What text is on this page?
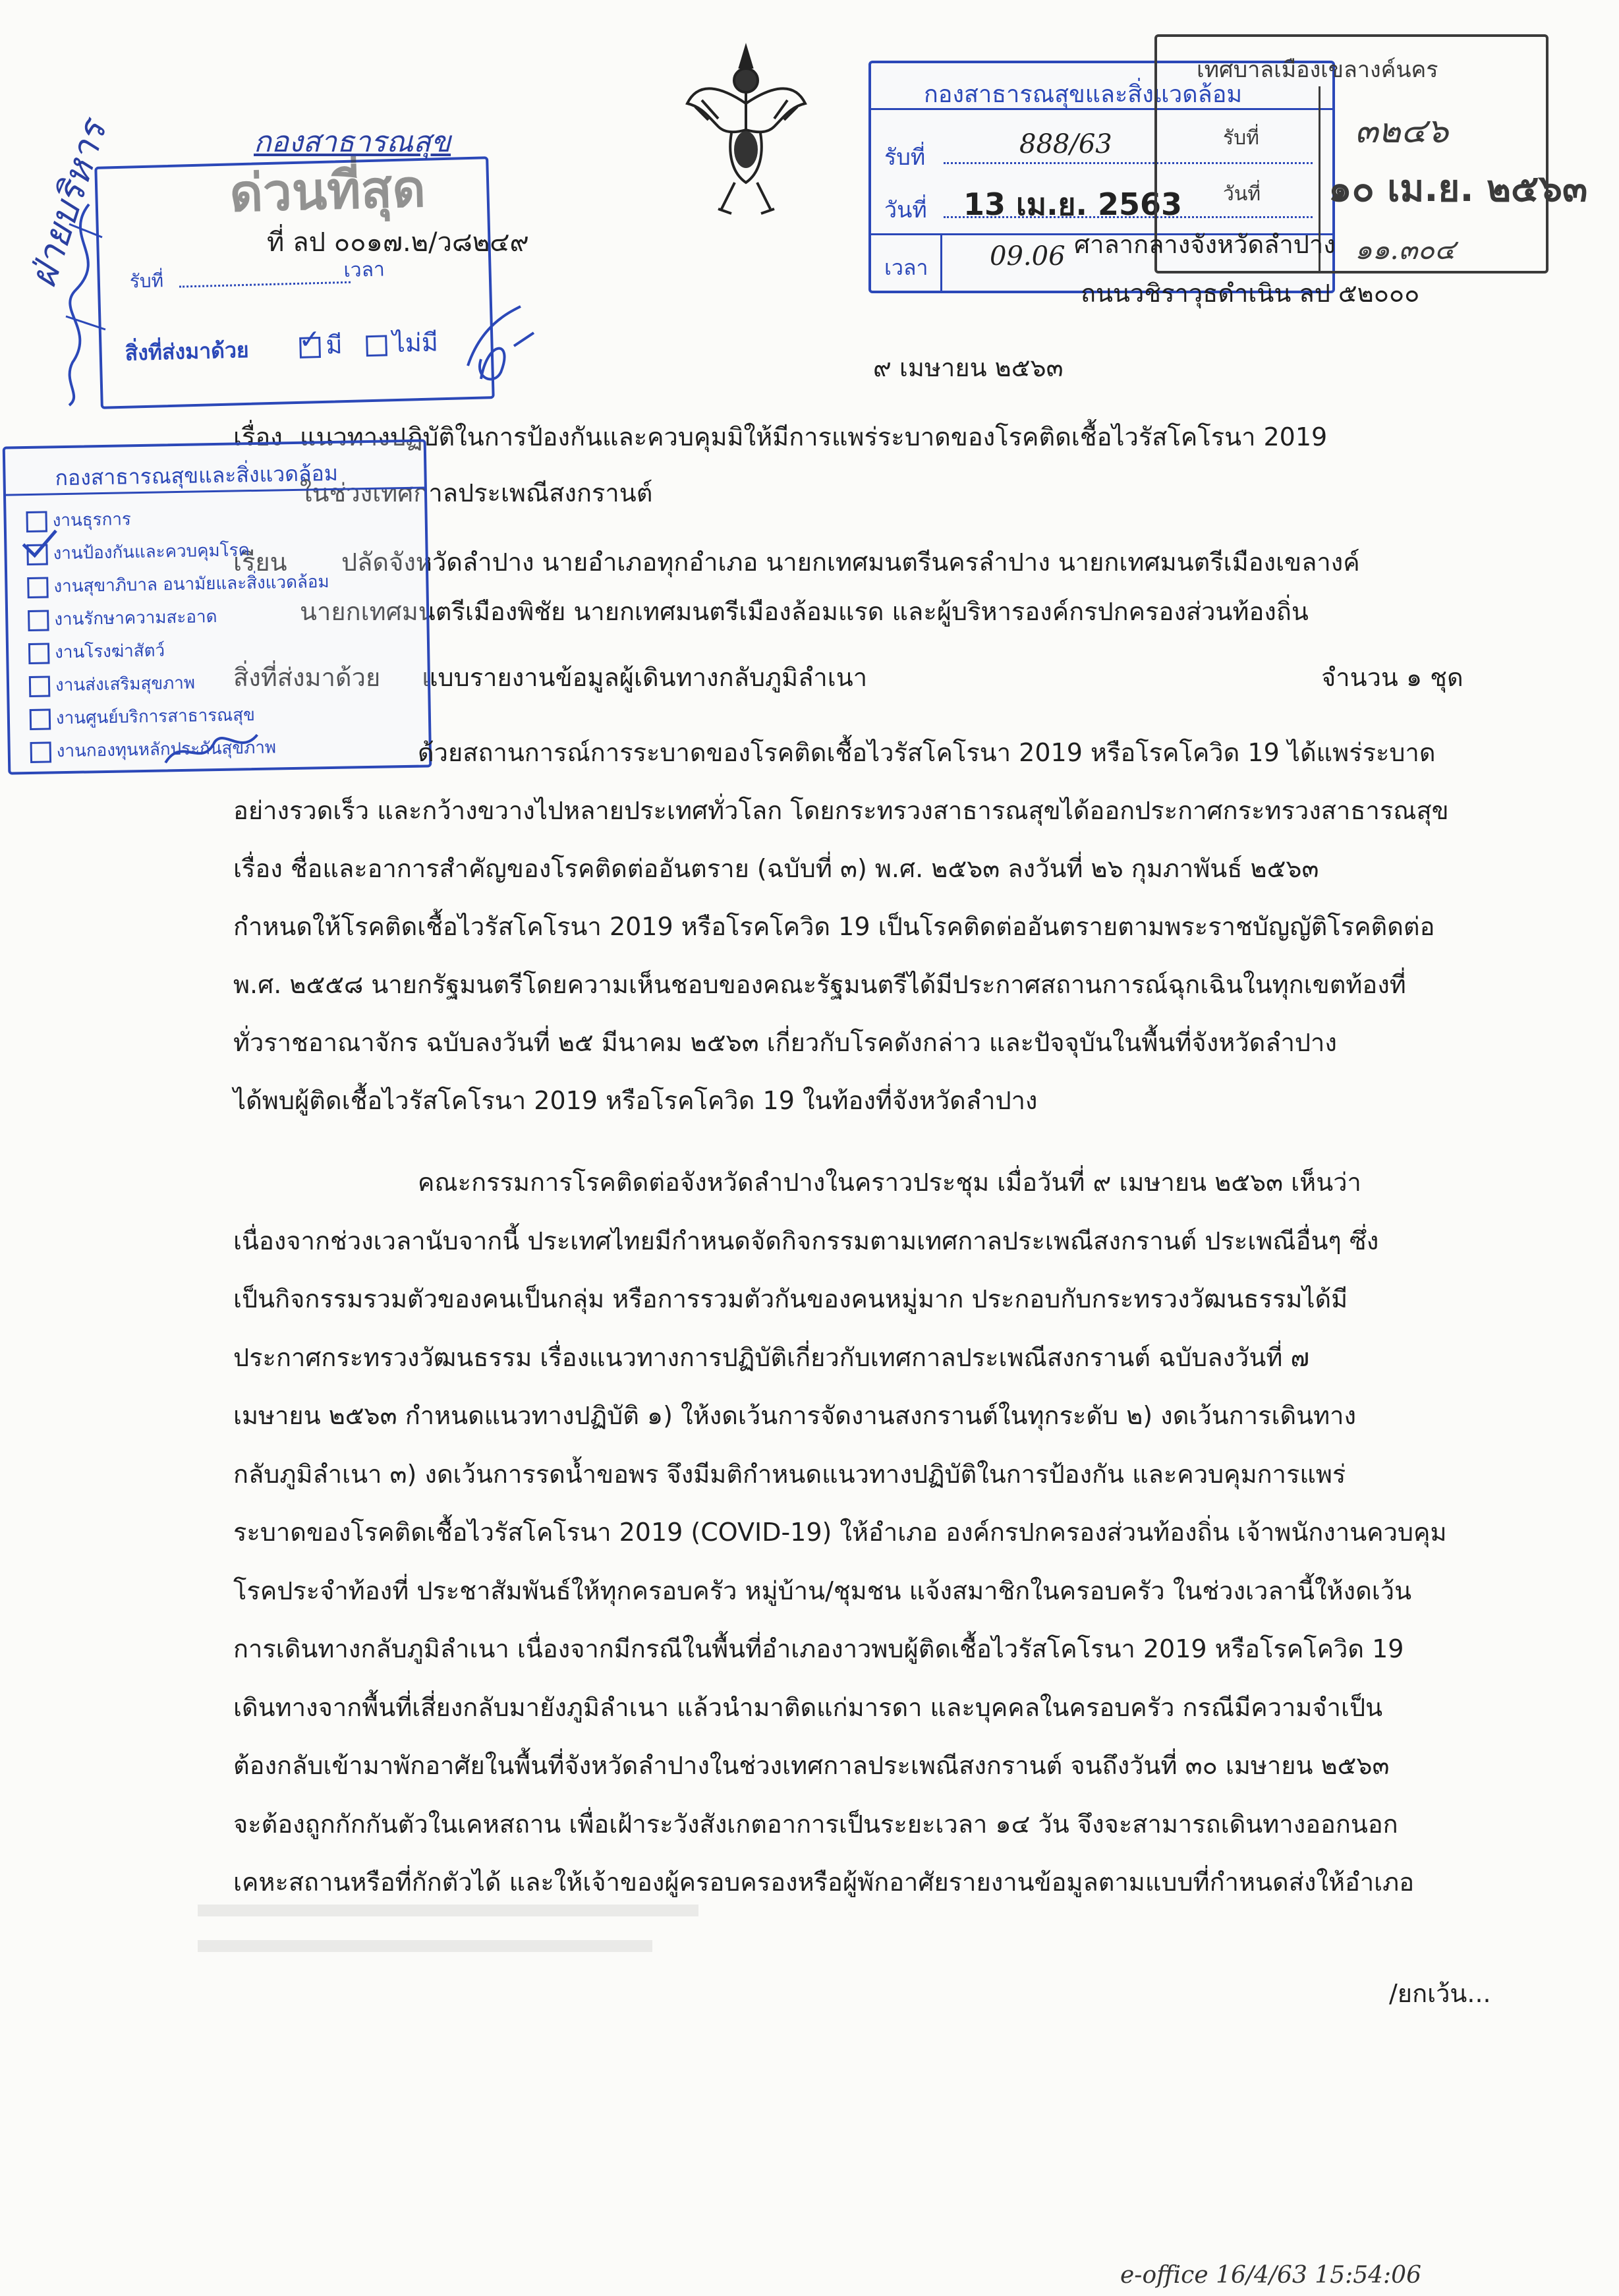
ด่วนที่สุด
รับที่	เวลา
สิ่งที่ส่งมาด้วย ✓ มี ไม่มี
กองสาธารณสุข
ที่ ลป ๐๐๑๗.๒/ว๘๒๔๙
ฝ่ายบริหาร
กองสาธารณสุขและสิ่งแวดล้อม
รับที่	888/63
วันที่ 13 เม.ย. 2563
เวลา 09.06
เทศบาลเมืองเขลางค์นคร
รับที่	๓๒๔๖
วันที่ ๑๐ เม.ย. ๒๕๖๓
๑๑.๓๐๔
ศาลากลางจังหวัดลำปาง
ถนนวชิราวุธดำเนิน ลป ๕๒๐๐๐
๙ เมษายน ๒๕๖๓
เรื่อง แนวทางปฏิบัติในการป้องกันและควบคุมมิให้มีการแพร่ระบาดของโรคติดเชื้อไวรัสโคโรนา 2019
ในช่วงเทศกาลประเพณีสงกรานต์
เรียน ปลัดจังหวัดลำปาง นายอำเภอทุกอำเภอ นายกเทศมนตรีนครลำปาง นายกเทศมนตรีเมืองเขลางค์
นายกเทศมนตรีเมืองพิชัย นายกเทศมนตรีเมืองล้อมแรด และผู้บริหารองค์กรปกครองส่วนท้องถิ่น
สิ่งที่ส่งมาด้วย แบบรายงานข้อมูลผู้เดินทางกลับภูมิลำเนา	จำนวน ๑ ชุด
กองสาธารณสุขและสิ่งแวดล้อม
งานธุรการ
งานป้องกันและควบคุมโรค
งานสุขาภิบาล อนามัยและสิ่งแวดล้อม
งานรักษาความสะอาด
งานโรงฆ่าสัตว์
งานส่งเสริมสุขภาพ
งานศูนย์บริการสาธารณสุข
งานกองทุนหลักประกันสุขภาพ	ด้วยสถานการณ์การระบาดของโรคติดเชื้อไวรัสโคโรนา 2019 หรือโรคโควิด 19 ได้แพร่ระบาด

อย่างรวดเร็ว และกว้างขวางไปหลายประเทศทั่วโลก โดยกระทรวงสาธารณสุขได้ออกประกาศกระทรวงสาธารณสุข

เรื่อง ชื่อและอาการสำคัญของโรคติดต่ออันตราย (ฉบับที่ ๓) พ.ศ. ๒๕๖๓ ลงวันที่ ๒๖ กุมภาพันธ์ ๒๕๖๓

กำหนดให้โรคติดเชื้อไวรัสโคโรนา 2019 หรือโรคโควิด 19 เป็นโรคติดต่ออันตรายตามพระราชบัญญัติโรคติดต่อ

พ.ศ. ๒๕๕๘ นายกรัฐมนตรีโดยความเห็นชอบของคณะรัฐมนตรีได้มีประกาศสถานการณ์ฉุกเฉินในทุกเขตท้องที่

ทั่วราชอาณาจักร ฉบับลงวันที่ ๒๕ มีนาคม ๒๕๖๓ เกี่ยวกับโรคดังกล่าว และปัจจุบันในพื้นที่จังหวัดลำปาง

ได้พบผู้ติดเชื้อไวรัสโคโรนา 2019 หรือโรคโควิด 19 ในท้องที่จังหวัดลำปาง

คณะกรรมการโรคติดต่อจังหวัดลำปางในคราวประชุม เมื่อวันที่ ๙ เมษายน ๒๕๖๓ เห็นว่า

เนื่องจากช่วงเวลานับจากนี้ ประเทศไทยมีกำหนดจัดกิจกรรมตามเทศกาลประเพณีสงกรานต์ ประเพณีอื่นๆ ซึ่ง

เป็นกิจกรรมรวมตัวของคนเป็นกลุ่ม หรือการรวมตัวกันของคนหมู่มาก ประกอบกับกระทรวงวัฒนธรรมได้มี

ประกาศกระทรวงวัฒนธรรม เรื่องแนวทางการปฏิบัติเกี่ยวกับเทศกาลประเพณีสงกรานต์ ฉบับลงวันที่ ๗

เมษายน ๒๕๖๓ กำหนดแนวทางปฏิบัติ ๑) ให้งดเว้นการจัดงานสงกรานต์ในทุกระดับ ๒) งดเว้นการเดินทาง

กลับภูมิลำเนา ๓) งดเว้นการรดน้ำขอพร จึงมีมติกำหนดแนวทางปฏิบัติในการป้องกัน และควบคุมการแพร่

ระบาดของโรคติดเชื้อไวรัสโคโรนา 2019 (COVID-19) ให้อำเภอ องค์กรปกครองส่วนท้องถิ่น เจ้าพนักงานควบคุม

โรคประจำท้องที่ ประชาสัมพันธ์ให้ทุกครอบครัว หมู่บ้าน/ชุมชน แจ้งสมาชิกในครอบครัว ในช่วงเวลานี้ให้งดเว้น

การเดินทางกลับภูมิลำเนา เนื่องจากมีกรณีในพื้นที่อำเภองาวพบผู้ติดเชื้อไวรัสโคโรนา 2019 หรือโรคโควิด 19

เดินทางจากพื้นที่เสี่ยงกลับมายังภูมิลำเนา แล้วนำมาติดแก่มารดา และบุคคลในครอบครัว กรณีมีความจำเป็น

ต้องกลับเข้ามาพักอาศัยในพื้นที่จังหวัดลำปางในช่วงเทศกาลประเพณีสงกรานต์ จนถึงวันที่ ๓๐ เมษายน ๒๕๖๓

จะต้องถูกกักกันตัวในเคหสถาน เพื่อเฝ้าระวังสังเกตอาการเป็นระยะเวลา ๑๔ วัน จึงจะสามารถเดินทางออกนอก

เคหะสถานหรือที่กักตัวได้ และให้เจ้าของผู้ครอบครองหรือผู้พักอาศัยรายงานข้อมูลตามแบบที่กำหนดส่งให้อำเภอ

/ยกเว้น...
e-office 16/4/63 15:54:06
